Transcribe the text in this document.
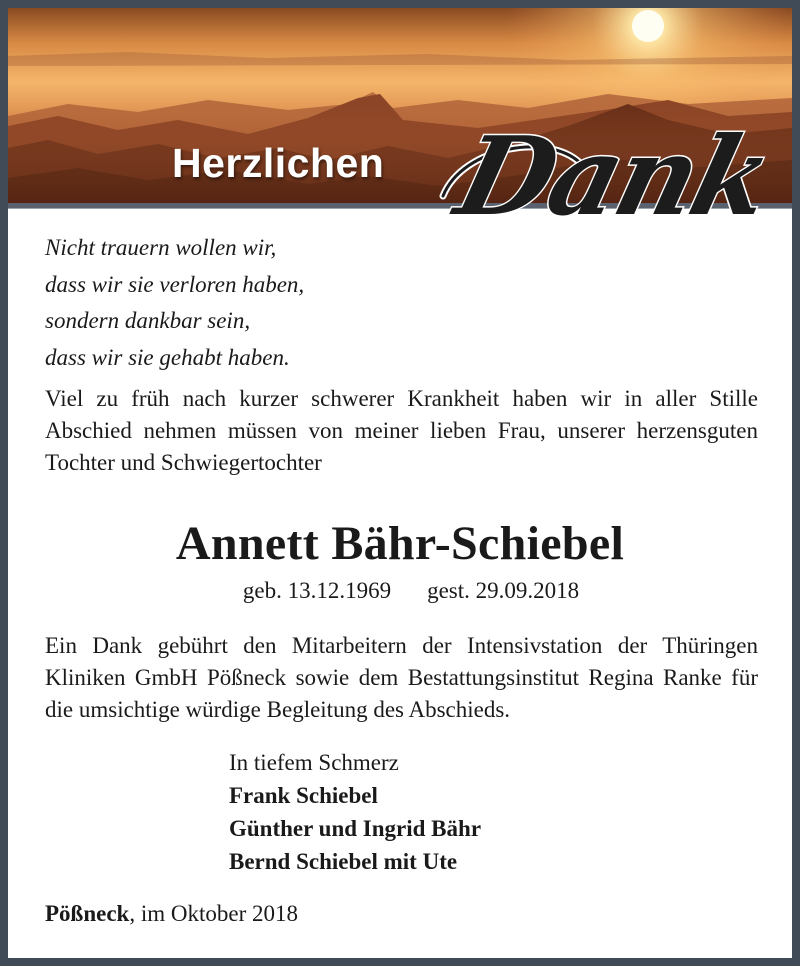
Herzlichen Dank
Nicht trauern wollen wir,
dass wir sie verloren haben,
sondern dankbar sein,
dass wir sie gehabt haben.
Viel zu früh nach kurzer schwerer Krankheit haben wir in aller Stille Abschied nehmen müssen von meiner lieben Frau, unserer herzensguten Tochter und Schwiegertochter
Annett Bähr-Schiebel
geb. 13.12.1969 gest. 29.09.2018
Ein Dank gebührt den Mitarbeitern der Intensivstation der Thüringen Kliniken GmbH Pößneck sowie dem Bestattungsinstitut Regina Ranke für die umsichtige würdige Begleitung des Abschieds.
In tiefem Schmerz
Frank Schiebel
Günther und Ingrid Bähr
Bernd Schiebel mit Ute
Pößneck, im Oktober 2018
